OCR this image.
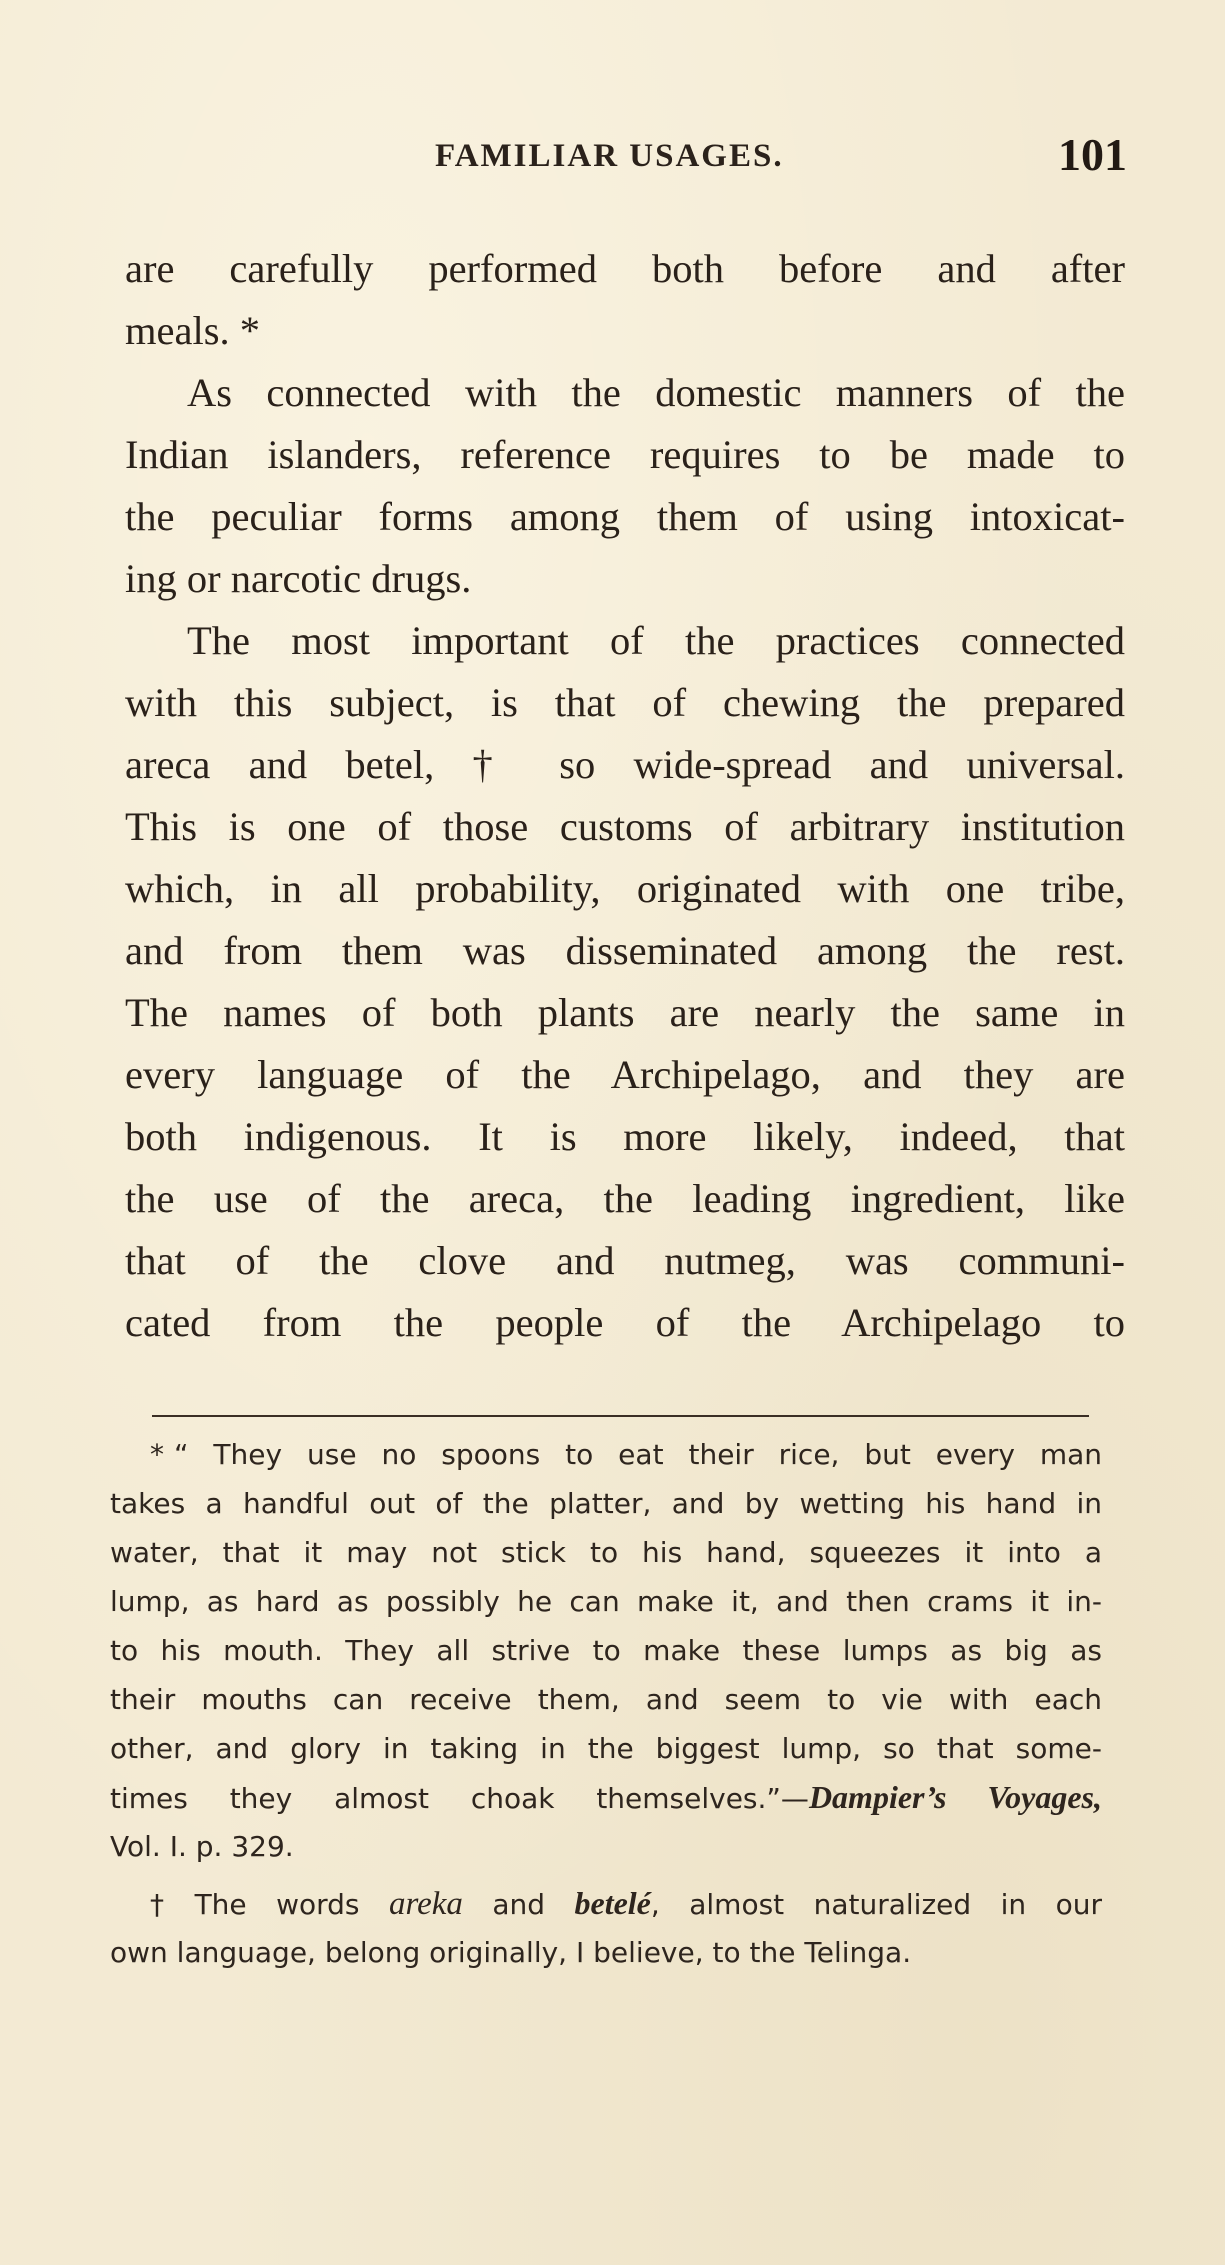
FAMILIAR USAGES.	101
are carefully performed both before and after
meals. *
As connected with the domestic manners of the
Indian islanders, reference requires to be made to
the peculiar forms among them of using intoxicat-
ing or narcotic drugs.
The most important of the practices connected
with this subject, is that of chewing the prepared
areca and betel, † so wide-spread and universal.
This is one of those customs of arbitrary institution
which, in all probability, originated with one tribe,
and from them was disseminated among the rest.
The names of both plants are nearly the same in
every language of the Archipelago, and they are
both indigenous. It is more likely, indeed, that
the use of the areca, the leading ingredient, like
that of the clove and nutmeg, was communi-
cated from the people of the Archipelago to
* “ They use no spoons to eat their rice, but every man
takes a handful out of the platter, and by wetting his hand in
water, that it may not stick to his hand, squeezes it into a
lump, as hard as possibly he can make it, and then crams it in-
to his mouth. They all strive to make these lumps as big as
their mouths can receive them, and seem to vie with each
other, and glory in taking in the biggest lump, so that some-
times they almost choak themselves.”—Dampier’s Voyages,
Vol. I. p. 329.
† The words areka and betelé, almost naturalized in our
own language, belong originally, I believe, to the Telinga.
